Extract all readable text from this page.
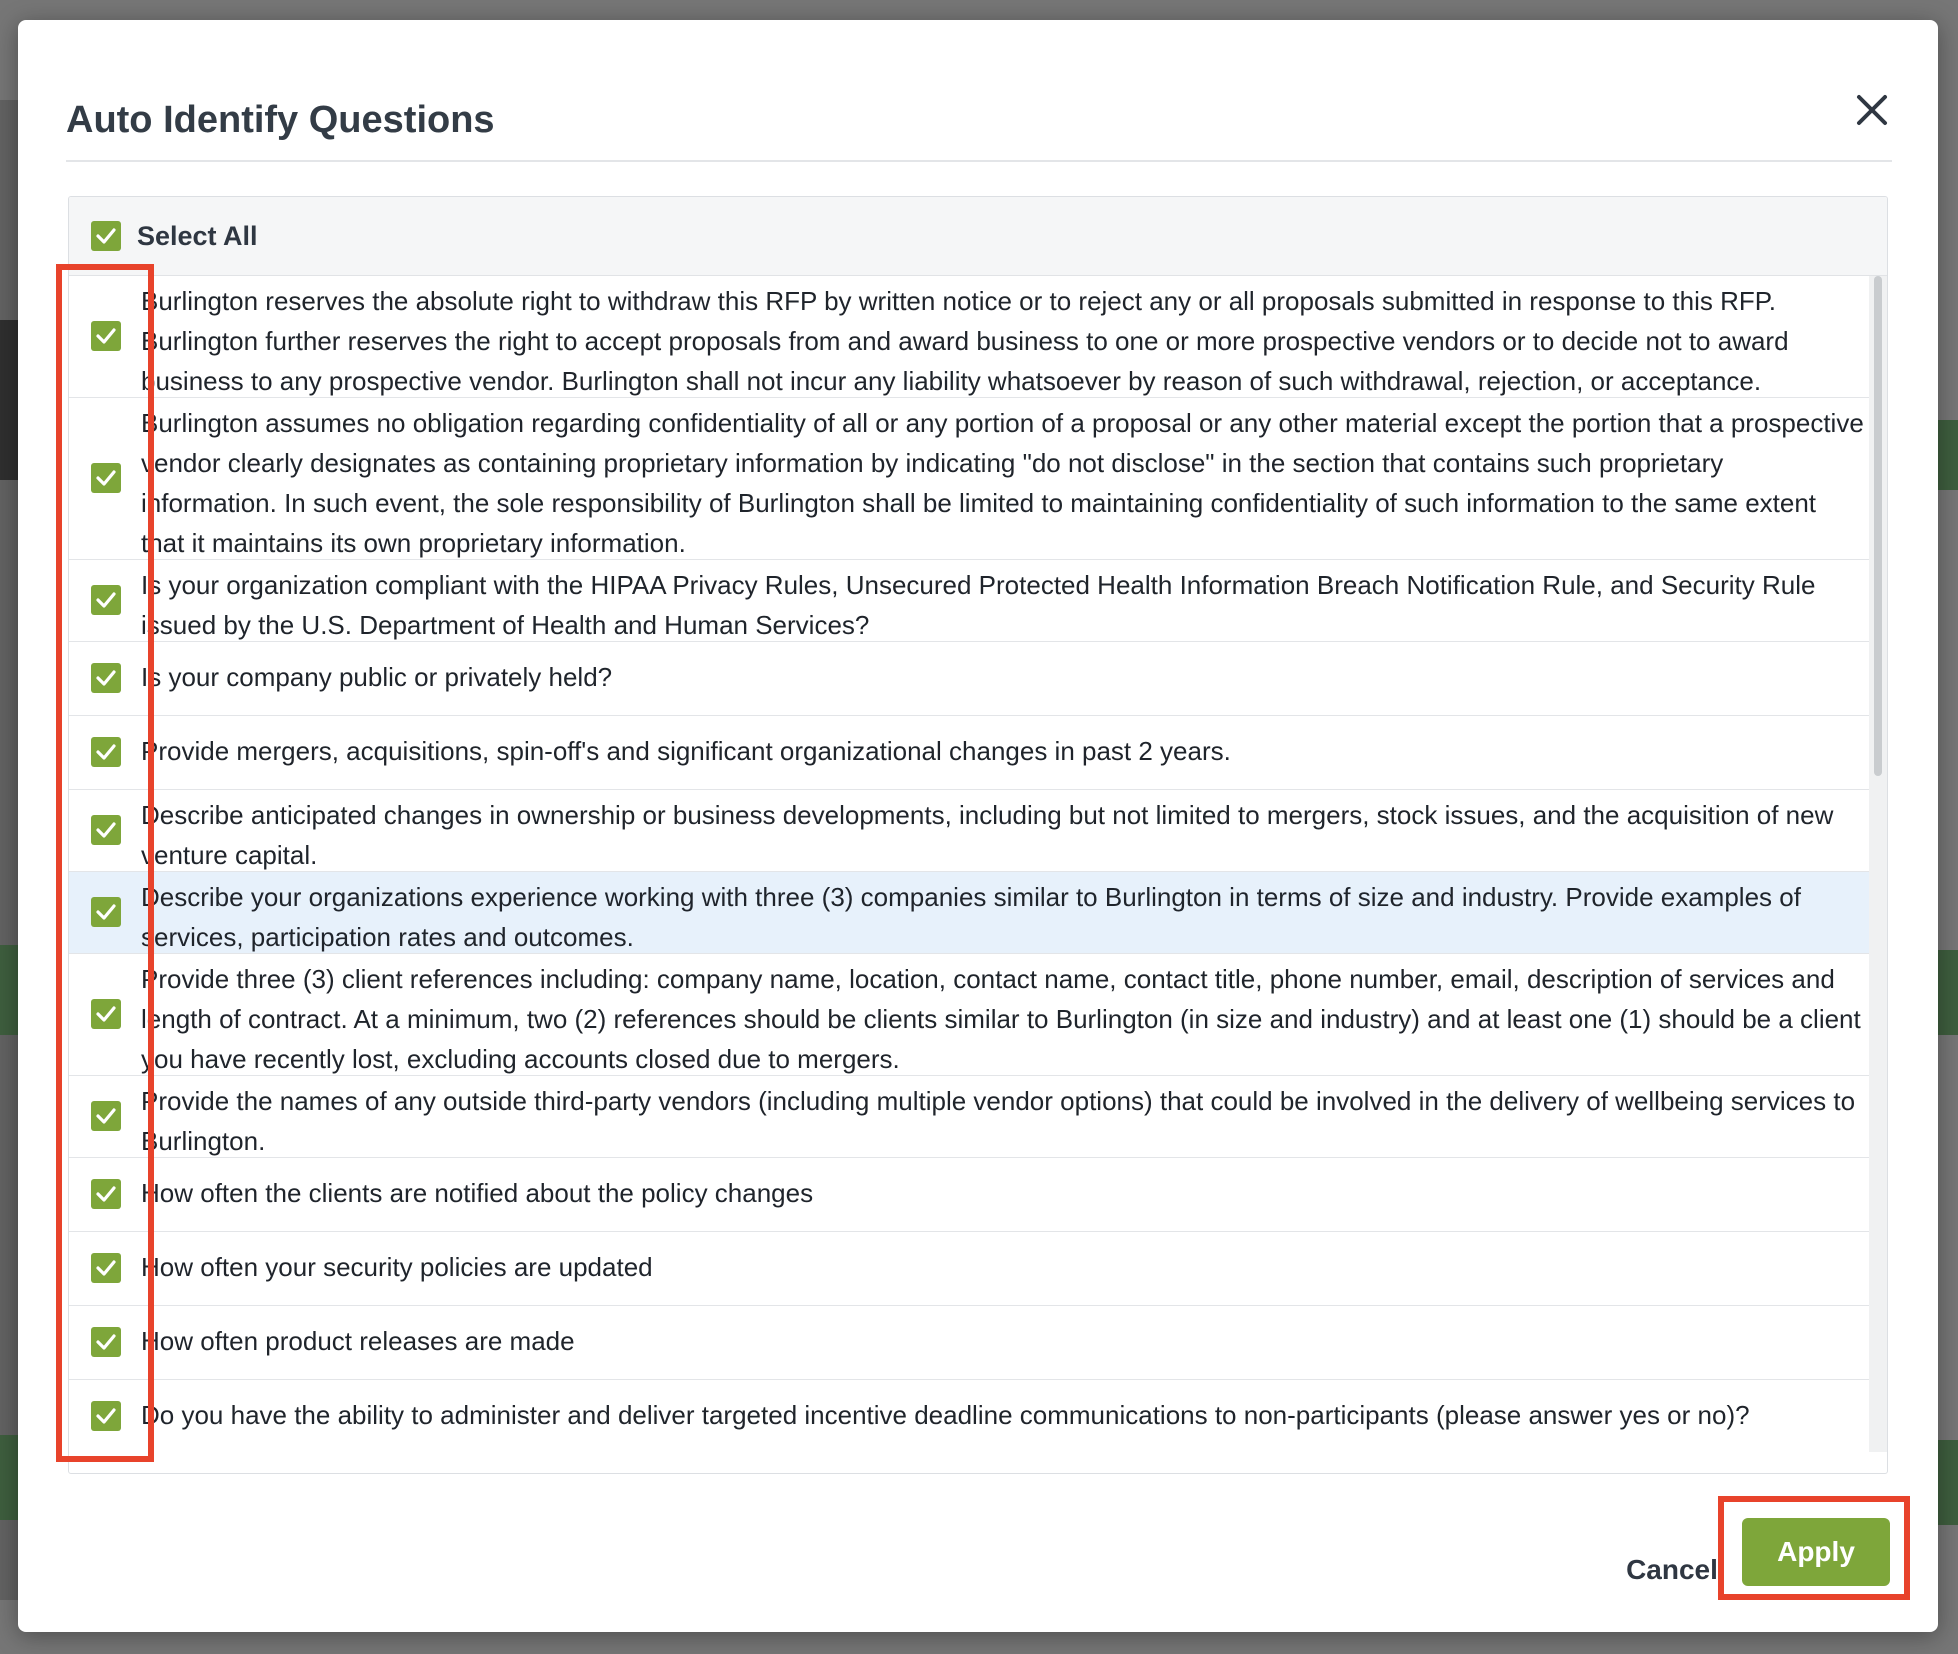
Auto Identify Questions
Select All
Burlington reserves the absolute right to withdraw this RFP by written notice or to reject any or all proposals submitted in response to this RFP. Burlington further reserves the right to accept proposals from and award business to one or more prospective vendors or to decide not to award business to any prospective vendor. Burlington shall not incur any liability whatsoever by reason of such withdrawal, rejection, or acceptance.
Burlington assumes no obligation regarding confidentiality of all or any portion of a proposal or any other material except the portion that a prospective vendor clearly designates as containing proprietary information by indicating "do not disclose" in the section that contains such proprietary information. In such event, the sole responsibility of Burlington shall be limited to maintaining confidentiality of such information to the same extent that it maintains its own proprietary information.
Is your organization compliant with the HIPAA Privacy Rules, Unsecured Protected Health Information Breach Notification Rule, and Security Rule issued by the U.S. Department of Health and Human Services?
Is your company public or privately held?
Provide mergers, acquisitions, spin-off's and significant organizational changes in past 2 years.
Describe anticipated changes in ownership or business developments, including but not limited to mergers, stock issues, and the acquisition of new venture capital.
Describe your organizations experience working with three (3) companies similar to Burlington in terms of size and industry. Provide examples of services, participation rates and outcomes.
Provide three (3) client references including: company name, location, contact name, contact title, phone number, email, description of services and length of contract. At a minimum, two (2) references should be clients similar to Burlington (in size and industry) and at least one (1) should be a client you have recently lost, excluding accounts closed due to mergers.
Provide the names of any outside third-party vendors (including multiple vendor options) that could be involved in the delivery of wellbeing services to Burlington.
How often the clients are notified about the policy changes
How often your security policies are updated
How often product releases are made
Do you have the ability to administer and deliver targeted incentive deadline communications to non-participants (please answer yes or no)?
Cancel
Apply
